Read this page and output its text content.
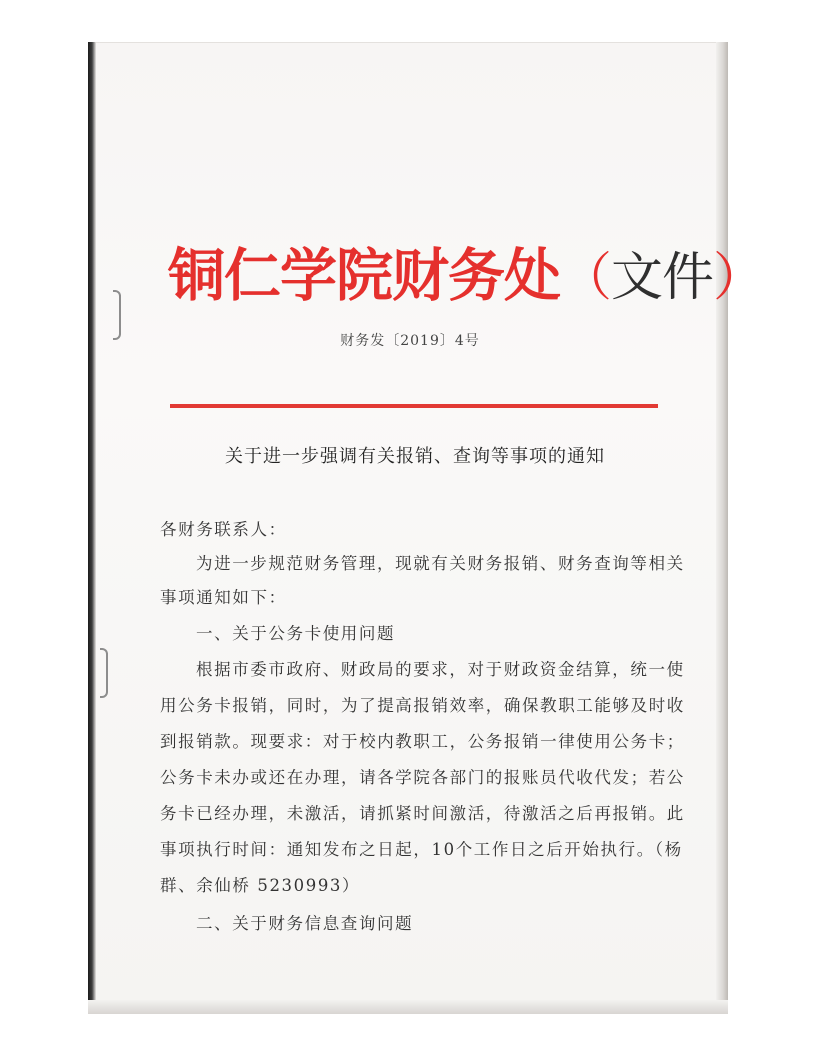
铜仁学院财务处（文件）
财务发〔2019〕4号
关于进一步强调有关报销、查询等事项的通知
各财务联系人：
为进一步规范财务管理，现就有关财务报销、财务查询等相关
事项通知如下：
一、关于公务卡使用问题
根据市委市政府、财政局的要求，对于财政资金结算，统一使
用公务卡报销，同时，为了提高报销效率，确保教职工能够及时收
到报销款。现要求：对于校内教职工，公务报销一律使用公务卡；
公务卡未办或还在办理，请各学院各部门的报账员代收代发；若公
务卡已经办理，未激活，请抓紧时间激活，待激活之后再报销。此
事项执行时间：通知发布之日起，10个工作日之后开始执行。（杨
群、余仙桥 5230993）
二、关于财务信息查询问题
